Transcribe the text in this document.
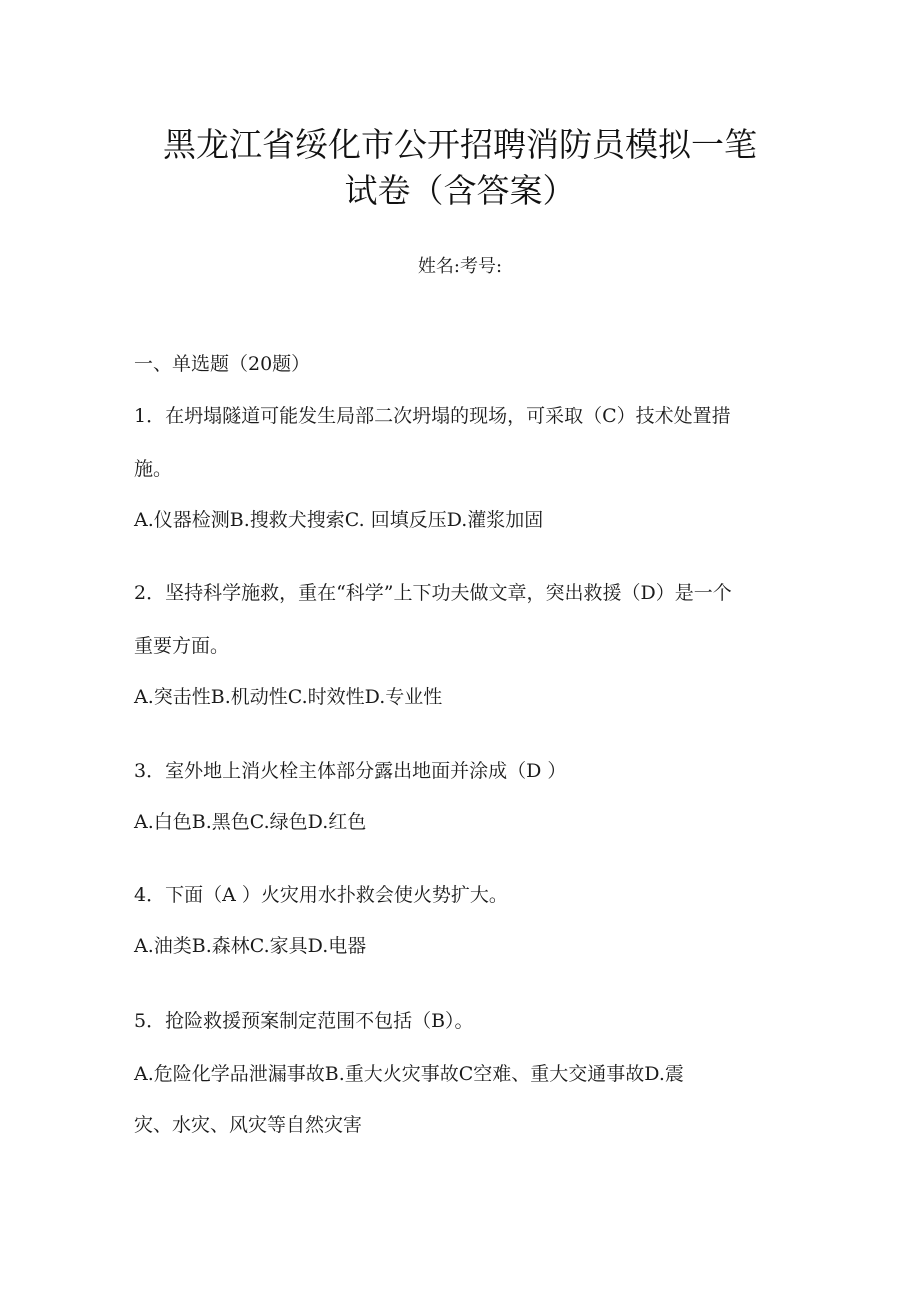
黑龙江省绥化市公开招聘消防员模拟一笔
试卷（含答案）
姓名:考号:
一、单选题（20题）
1．在坍塌隧道可能发生局部二次坍塌的现场，可采取（C）技术处置措
施。
A.仪器检测B.搜救犬搜索C. 回填反压D.灌浆加固
2．坚持科学施救，重在“科学”上下功夫做文章，突出救援（D）是一个
重要方面。
A.突击性B.机动性C.时效性D.专业性
3．室外地上消火栓主体部分露出地面并涂成（D ）
A.白色B.黑色C.绿色D.红色
4．下面（A ）火灾用水扑救会使火势扩大。
A.油类B.森林C.家具D.电器
5．抢险救援预案制定范围不包括（B）。
A.危险化学品泄漏事故B.重大火灾事故C空难、重大交通事故D.震
灾、水灾、风灾等自然灾害
